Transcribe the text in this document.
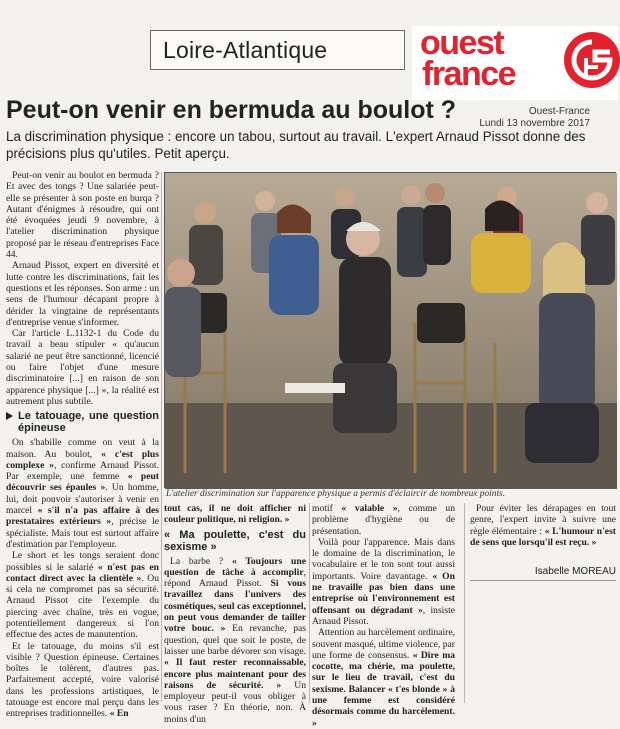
Loire-Atlantique	ouest
france
Peut-on venir en bermuda au boulot ?	Ouest-France
Lundi 13 novembre 2017
La discrimination physique : encore un tabou, surtout au travail. L'expert Arnaud Pissot donne des précisions plus qu'utiles. Petit aperçu.

Peut-on venir au boulot en bermuda ? Et avec des tongs ? Une salariée peut-elle se présenter à son poste en burqa ? Autant d'énigmes à résoudre, qui ont été évoquées jeudi 9 novembre, à l'atelier discrimination physique proposé par le réseau d'entreprises Face 44.

Arnaud Pissot, expert en diversité et lutte contre les discriminations, fait les questions et les réponses. Son arme : un sens de l'humour décapant propre à dérider la vingtaine de représentants d'entreprise venue s'informer.

Car l'article L.1132-1 du Code du travail a beau stipuler « qu'aucun salarié ne peut être sanctionné, licencié ou faire l'objet d'une mesure discriminatoire [...] en raison de son apparence physique [...] », la réalité est autrement plus subtile.

Le tatouage, une question épineuse

On s'habille comme on veut à la maison. Au boulot, « c'est plus complexe », confirme Arnaud Pissot. Par exemple, une femme « peut découvrir ses épaules ». Un homme, lui, doit pouvoir s'autoriser à venir en marcel « s'il n'a pas affaire à des prestataires extérieurs », précise le spécialiste. Mais tout est surtout affaire d'estimation par l'employeur.

Le short et les tongs seraient donc possibles si le salarié « n'est pas en contact direct avec la clientèle ». Ou si cela ne compromet pas sa sécurité. Arnaud Pissot cite l'exemple du piercing avec chaîne, très en vogue, potentiellement dangereux si l'on effectue des actes de manutention.

Et le tatouage, du moins s'il est visible ? Question épineuse. Certaines boîtes le tolèrent, d'autres pas. Parfaitement accepté, voire valorisé dans les professions artistiques, le tatouage est encore mal perçu dans les entreprises traditionnelles. « En

L'atelier discrimination sur l'apparence physique a permis d'éclaircir de nombreux points.

tout cas, il ne doit afficher ni couleur politique, ni religion. »

« Ma poulette, c'est du sexisme »

La barbe ? « Toujours une question de tâche à accomplir, répond Arnaud Pissot. Si vous travaillez dans l'univers des cosmétiques, seul cas exceptionnel, on peut vous demander de tailler votre bouc. » En revanche, pas question, quel que soit le poste, de laisser une barbe dévorer son visage. « Il faut rester reconnaissable, encore plus maintenant pour des raisons de sécurité. » Un employeur peut-il vous obliger à vous raser ? En théorie, non. À moins d'un

motif « valable », comme un problème d'hygiène ou de présentation.

Voilà pour l'apparence. Mais dans le domaine de la discrimination, le vocabulaire et le ton sont tout aussi importants. Voire davantage. « On ne travaille pas bien dans une entreprise où l'environnement est offensant ou dégradant », insiste Arnaud Pissot.

Attention au harcèlement ordinaire, souvent masqué, ultime violence, par une forme de consensus. « Dire ma cocotte, ma chérie, ma poulette, sur le lieu de travail, c'est du sexisme. Balancer « t'es blonde » à une femme est considéré désormais comme du harcèlement. »

Pour éviter les dérapages en tout genre, l'expert invite à suivre une règle élémentaire : « L'humour n'est de sens que lorsqu'il est reçu. »

Isabelle MOREAU
